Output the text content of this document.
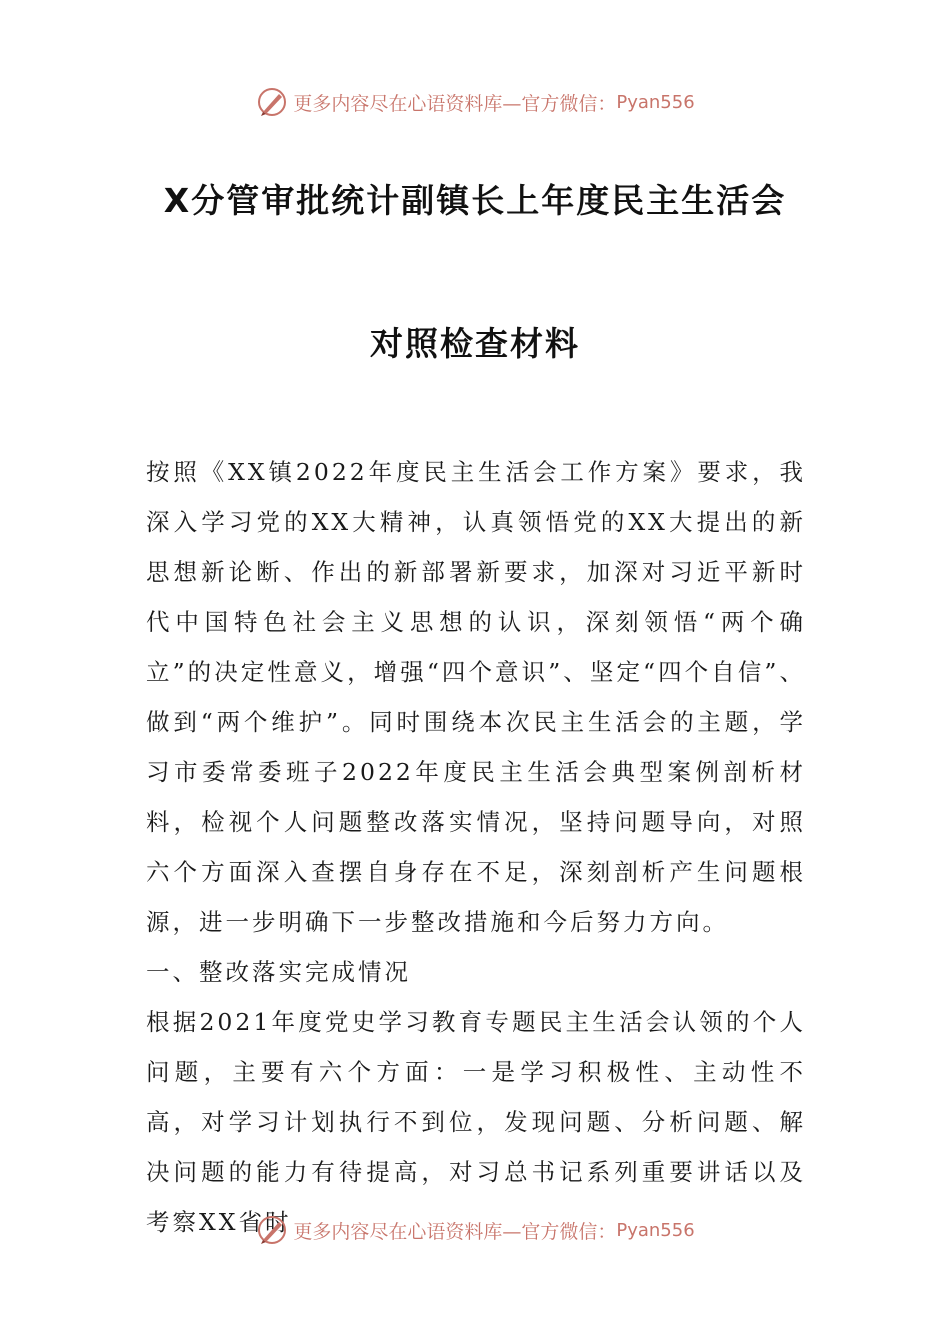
更多内容尽在心语资料库—官方微信： Pyan556
X分管审批统计副镇长上年度民主生活会
对照检查材料

按照《XX镇2022年度民主生活会工作方案》要求，我深入学习党的XX大精神，认真领悟党的XX大提出的新思想新论断、作出的新部署新要求，加深对习近平新时代中国特色社会主义思想的认识，深刻领悟“两个确立”的决定性意义，增强“四个意识”、坚定“四个自信”、做到“两个维护”。同时围绕本次民主生活会的主题，学习市委常委班子2022年度民主生活会典型案例剖析材料，检视个人问题整改落实情况，坚持问题导向，对照六个方面深入查摆自身存在不足，深刻剖析产生问题根源，进一步明确下一步整改措施和今后努力方向。

一、整改落实完成情况

根据2021年度党史学习教育专题民主生活会认领的个人问题，主要有六个方面：一是学习积极性、主动性不高，对学习计划执行不到位，发现问题、分析问题、解决问题的能力有待提高，对习总书记系列重要讲话以及考察XX省时 更多内容尽在心语资料库—官方微信： Pyan556
